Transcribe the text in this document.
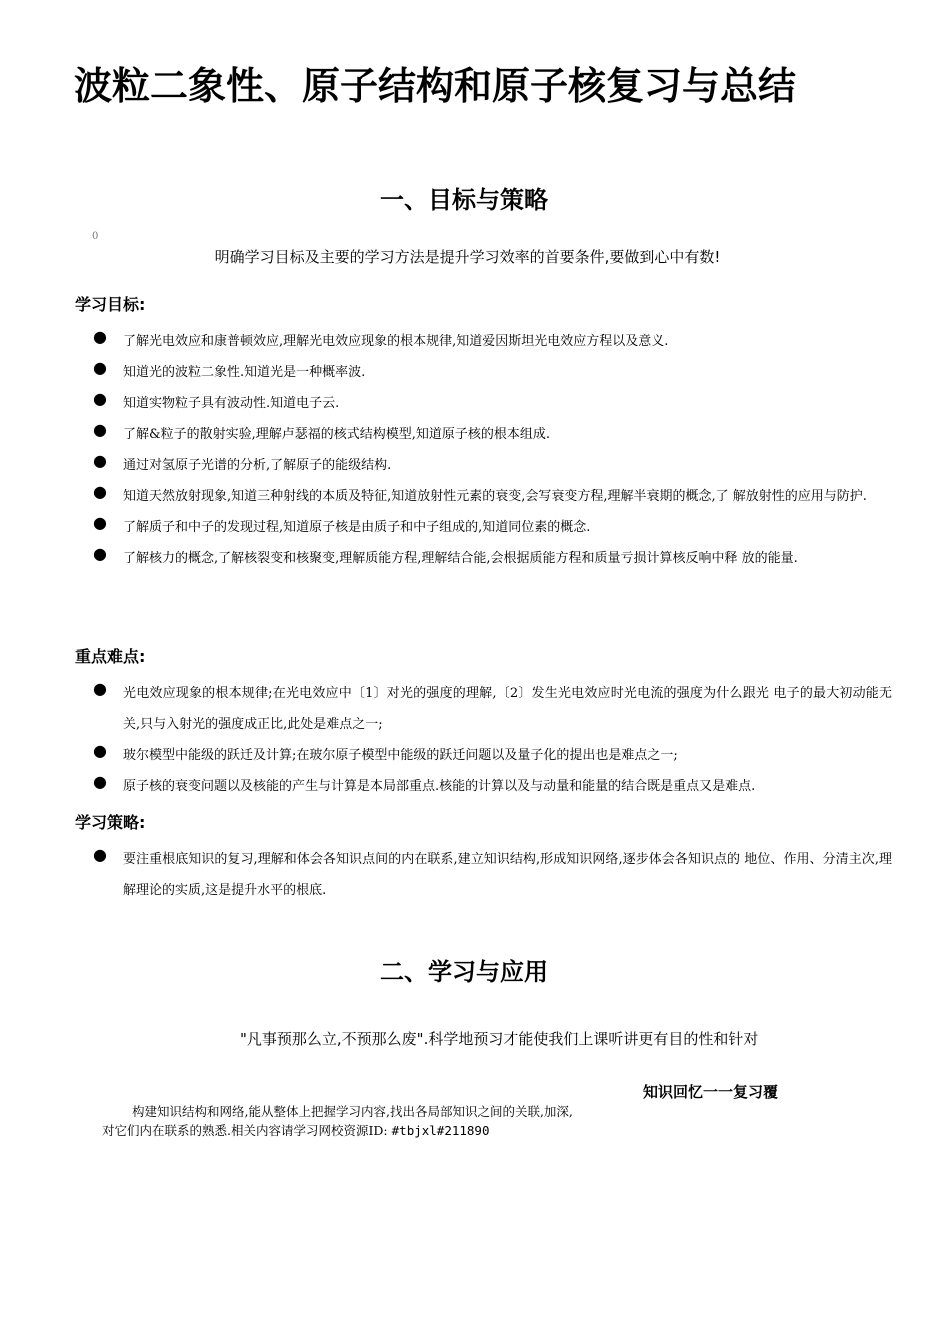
波粒二象性、原子结构和原子核复习与总结
一、目标与策略
0
明确学习目标及主要的学习方法是提升学习效率的首要条件,要做到心中有数!
学习目标:
● 了解光电效应和康普顿效应,理解光电效应现象的根本规律,知道爱因斯坦光电效应方程以及意义.
● 知道光的波粒二象性.知道光是一种概率波.
● 知道实物粒子具有波动性.知道电子云.
● 了解&粒子的散射实验,理解卢瑟福的核式结构模型,知道原子核的根本组成.
● 通过对氢原子光谱的分析,了解原子的能级结构.
● 知道天然放射现象,知道三种射线的本质及特征,知道放射性元素的衰变,会写衰变方程,理解半衰期的概念,了 解放射性的应用与防护.
● 了解质子和中子的发现过程,知道原子核是由质子和中子组成的,知道同位素的概念.
● 了解核力的概念,了解核裂变和核聚变,理解质能方程,理解结合能,会根据质能方程和质量亏损计算核反响中释 放的能量.
重点难点:
● 光电效应现象的根本规律;在光电效应中〔1〕对光的强度的理解,〔2〕发生光电效应时光电流的强度为什么跟光 电子的最大初动能无关,只与入射光的强度成正比,此处是难点之一;
● 玻尔模型中能级的跃迁及计算;在玻尔原子模型中能级的跃迁问题以及量子化的提出也是难点之一;
● 原子核的衰变问题以及核能的产生与计算是本局部重点.核能的计算以及与动量和能量的结合既是重点又是难点.
学习策略:
● 要注重根底知识的复习,理解和体会各知识点间的内在联系,建立知识结构,形成知识网络,逐步体会各知识点的 地位、作用、分清主次,理解理论的实质,这是提升水平的根底.
二、学习与应用
"凡事预那么立,不预那么废".科学地预习才能使我们上课听讲更有目的性和针对
知识回忆一一复习覆
构建知识结构和网络,能从整体上把握学习内容,找出各局部知识之间的关联,加深,
对它们内在联系的熟悉.相关内容请学习网校资源ID: #tbjxl#211890
